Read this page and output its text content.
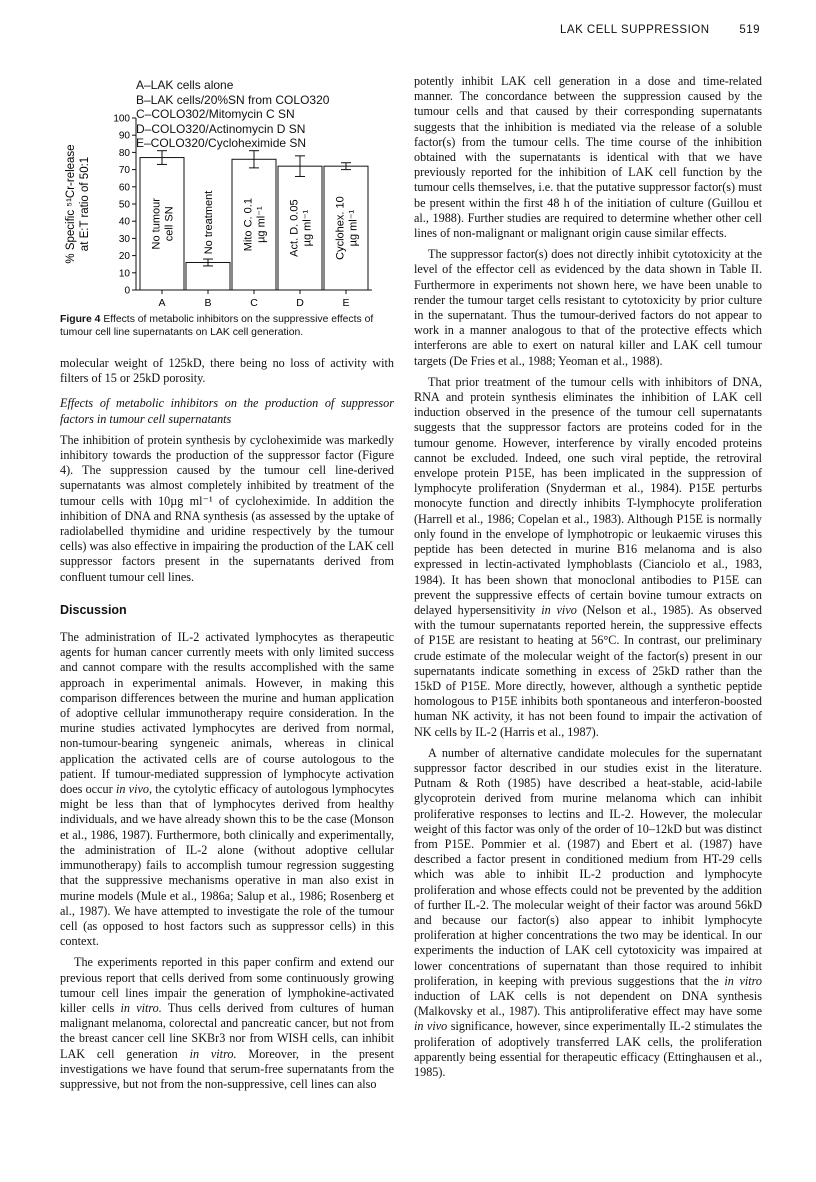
LAK CELL SUPPRESSION	519
A–LAK cells alone
B–LAK cells/20%SN from COLO320
C–COLO302/Mitomycin C SN
D–COLO320/Actinomycin D SN
E–COLO320/Cycloheximide SN
% Specific ⁵¹Cr-release at E:T ratio of 50:1
0
10
20
30
40
50
60
70
80
90
100
A
No tumour cell SN
B
No treatment
C
Mito C. 0.1 µg ml⁻¹
D
Act. D. 0.05 µg ml⁻¹
E
Cyclohex. 10 µg ml⁻¹
Figure 4 Effects of metabolic inhibitors on the suppressive effects of tumour cell line supernatants on LAK cell generation.

molecular weight of 125kD, there being no loss of activity with filters of 15 or 25kD porosity.

Effects of metabolic inhibitors on the production of suppressor factors in tumour cell supernatants

The inhibition of protein synthesis by cycloheximide was markedly inhibitory towards the production of the suppressor factor (Figure 4). The suppression caused by the tumour cell line-derived supernatants was almost completely inhibited by treatment of the tumour cells with 10µg ml⁻¹ of cycloheximide. In addition the inhibition of DNA and RNA synthesis (as assessed by the uptake of radiolabelled thymidine and uridine respectively by the tumour cells) was also effective in impairing the production of the LAK cell suppressor factors present in the supernatants derived from confluent tumour cell lines.

Discussion

The administration of IL-2 activated lymphocytes as therapeutic agents for human cancer currently meets with only limited success and cannot compare with the results accomplished with the same approach in experimental animals. However, in making this comparison differences between the murine and human application of adoptive cellular immunotherapy require consideration. In the murine studies activated lymphocytes are derived from normal, non-tumour-bearing syngeneic animals, whereas in clinical application the activated cells are of course autologous to the patient. If tumour-mediated suppression of lymphocyte activation does occur in vivo, the cytolytic efficacy of autologous lymphocytes might be less than that of lymphocytes derived from healthy individuals, and we have already shown this to be the case (Monson et al., 1986, 1987). Furthermore, both clinically and experimentally, the administration of IL-2 alone (without adoptive cellular immunotherapy) fails to accomplish tumour regression suggesting that the suppressive mechanisms operative in man also exist in murine models (Mule et al., 1986a; Salup et al., 1986; Rosenberg et al., 1987). We have attempted to investigate the role of the tumour cell (as opposed to host factors such as suppressor cells) in this context.

The experiments reported in this paper confirm and extend our previous report that cells derived from some continuously growing tumour cell lines impair the generation of lymphokine-activated killer cells in vitro. Thus cells derived from cultures of human malignant melanoma, colorectal and pancreatic cancer, but not from the breast cancer cell line SKBr3 nor from WISH cells, can inhibit LAK cell generation in vitro. Moreover, in the present investigations we have found that serum-free supernatants from the suppressive, but not from the non-suppressive, cell lines can also

potently inhibit LAK cell generation in a dose and time-related manner. The concordance between the suppression caused by the tumour cells and that caused by their corresponding supernatants suggests that the inhibition is mediated via the release of a soluble factor(s) from the tumour cells. The time course of the inhibition obtained with the supernatants is identical with that we have previously reported for the inhibition of LAK cell function by the tumour cells themselves, i.e. that the putative suppressor factor(s) must be present within the first 48 h of the initiation of culture (Guillou et al., 1988). Further studies are required to determine whether other cell lines of non-malignant or malignant origin cause similar effects.

The suppressor factor(s) does not directly inhibit cytotoxicity at the level of the effector cell as evidenced by the data shown in Table II. Furthermore in experiments not shown here, we have been unable to render the tumour target cells resistant to cytotoxicity by prior culture in the supernatant. Thus the tumour-derived factors do not appear to work in a manner analogous to that of the protective effects which interferons are able to exert on natural killer and LAK cell tumour targets (De Fries et al., 1988; Yeoman et al., 1988).

That prior treatment of the tumour cells with inhibitors of DNA, RNA and protein synthesis eliminates the inhibition of LAK cell induction observed in the presence of the tumour cell supernatants suggests that the suppressor factors are proteins coded for in the tumour genome. However, interference by virally encoded proteins cannot be excluded. Indeed, one such viral peptide, the retroviral envelope protein P15E, has been implicated in the suppression of lymphocyte proliferation (Snyderman et al., 1984). P15E perturbs monocyte function and directly inhibits T-lymphocyte proliferation (Harrell et al., 1986; Copelan et al., 1983). Although P15E is normally only found in the envelope of lymphotropic or leukaemic viruses this peptide has been detected in murine B16 melanoma and is also expressed in lectin-activated lymphoblasts (Cianciolo et al., 1983, 1984). It has been shown that monoclonal antibodies to P15E can prevent the suppressive effects of certain bovine tumour extracts on delayed hypersensitivity in vivo (Nelson et al., 1985). As observed with the tumour supernatants reported herein, the suppressive effects of P15E are resistant to heating at 56°C. In contrast, our preliminary crude estimate of the molecular weight of the factor(s) present in our supernatants indicate something in excess of 25kD rather than the 15kD of P15E. More directly, however, although a synthetic peptide homologous to P15E inhibits both spontaneous and interferon-boosted human NK activity, it has not been found to impair the activation of NK cells by IL-2 (Harris et al., 1987).

A number of alternative candidate molecules for the supernatant suppressor factor described in our studies exist in the literature. Putnam & Roth (1985) have described a heat-stable, acid-labile glycoprotein derived from murine melanoma which can inhibit proliferative responses to lectins and IL-2. However, the molecular weight of this factor was only of the order of 10–12kD but was distinct from P15E. Pommier et al. (1987) and Ebert et al. (1987) have described a factor present in conditioned medium from HT-29 cells which was able to inhibit IL-2 production and lymphocyte proliferation and whose effects could not be prevented by the addition of further IL-2. The molecular weight of their factor was around 56kD and because our factor(s) also appear to inhibit lymphocyte proliferation at higher concentrations the two may be identical. In our experiments the induction of LAK cell cytotoxicity was impaired at lower concentrations of supernatant than those required to inhibit proliferation, in keeping with previous suggestions that the in vitro induction of LAK cells is not dependent on DNA synthesis (Malkovsky et al., 1987). This antiproliferative effect may have some in vivo significance, however, since experimentally IL-2 stimulates the proliferation of adoptively transferred LAK cells, the proliferation apparently being essential for therapeutic efficacy (Ettinghausen et al., 1985).
